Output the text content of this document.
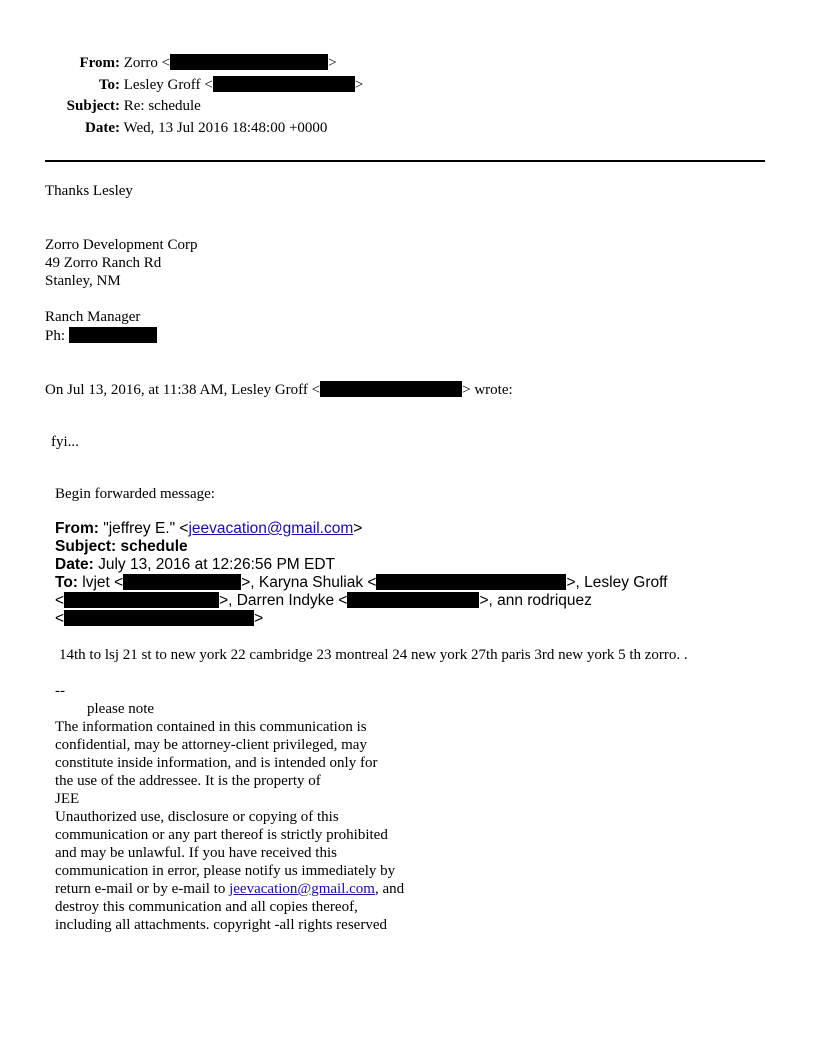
From: Zorro <	>
To: Lesley Groff <	>
Subject: Re: schedule
Date: Wed, 13 Jul 2016 18:48:00 +0000
Thanks Lesley
Zorro Development Corp
49 Zorro Ranch Rd
Stanley, NM
Ranch Manager
Ph:
On Jul 13, 2016, at 11:38 AM, Lesley Groff <	> wrote:
fyi...
Begin forwarded message:
From: "jeffrey E." <jeevacation@gmail.com>
Subject: schedule
Date: July 13, 2016 at 12:26:56 PM EDT
To: lvjet <	>, Karyna Shuliak <	>, Lesley Groff
<	>, Darren Indyke <	>, ann rodriquez
<	>
14th to lsj 21 st to new york 22 cambridge 23 montreal 24 new york 27th paris 3rd new york 5 th zorro. .
--
please note
The information contained in this communication is
confidential, may be attorney-client privileged, may
constitute inside information, and is intended only for
the use of the addressee. It is the property of
JEE
Unauthorized use, disclosure or copying of this
communication or any part thereof is strictly prohibited
and may be unlawful. If you have received this
communication in error, please notify us immediately by
return e-mail or by e-mail to jeevacation@gmail.com, and
destroy this communication and all copies thereof,
including all attachments. copyright -all rights reserved
